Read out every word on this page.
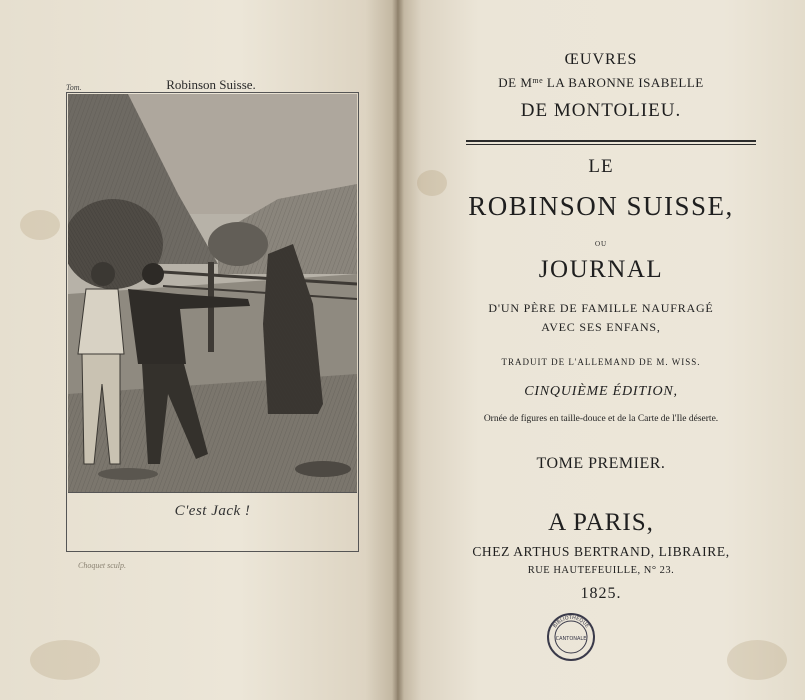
Tom.	Robinson Suisse.
C'est Jack !
Choquet sculp.
ŒUVRES
DE $M^{me}$ LA BARONNE ISABELLE
DE MONTOLIEU.
LE
ROBINSON SUISSE,
OU
JOURNAL
D'UN PÈRE DE FAMILLE NAUFRAGÉ
AVEC SES ENFANS,
TRADUIT DE L'ALLEMAND DE M. WISS.
CINQUIÈME ÉDITION,
Ornée de figures en taille-douce et de la Carte de l'Ile déserte.
TOME PREMIER.
A PARIS,
CHEZ ARTHUS BERTRAND, LIBRAIRE,
RUE HAUTEFEUILLE, N° 23.
1825.
BIBLIOTHEQUE
CANTONALE
